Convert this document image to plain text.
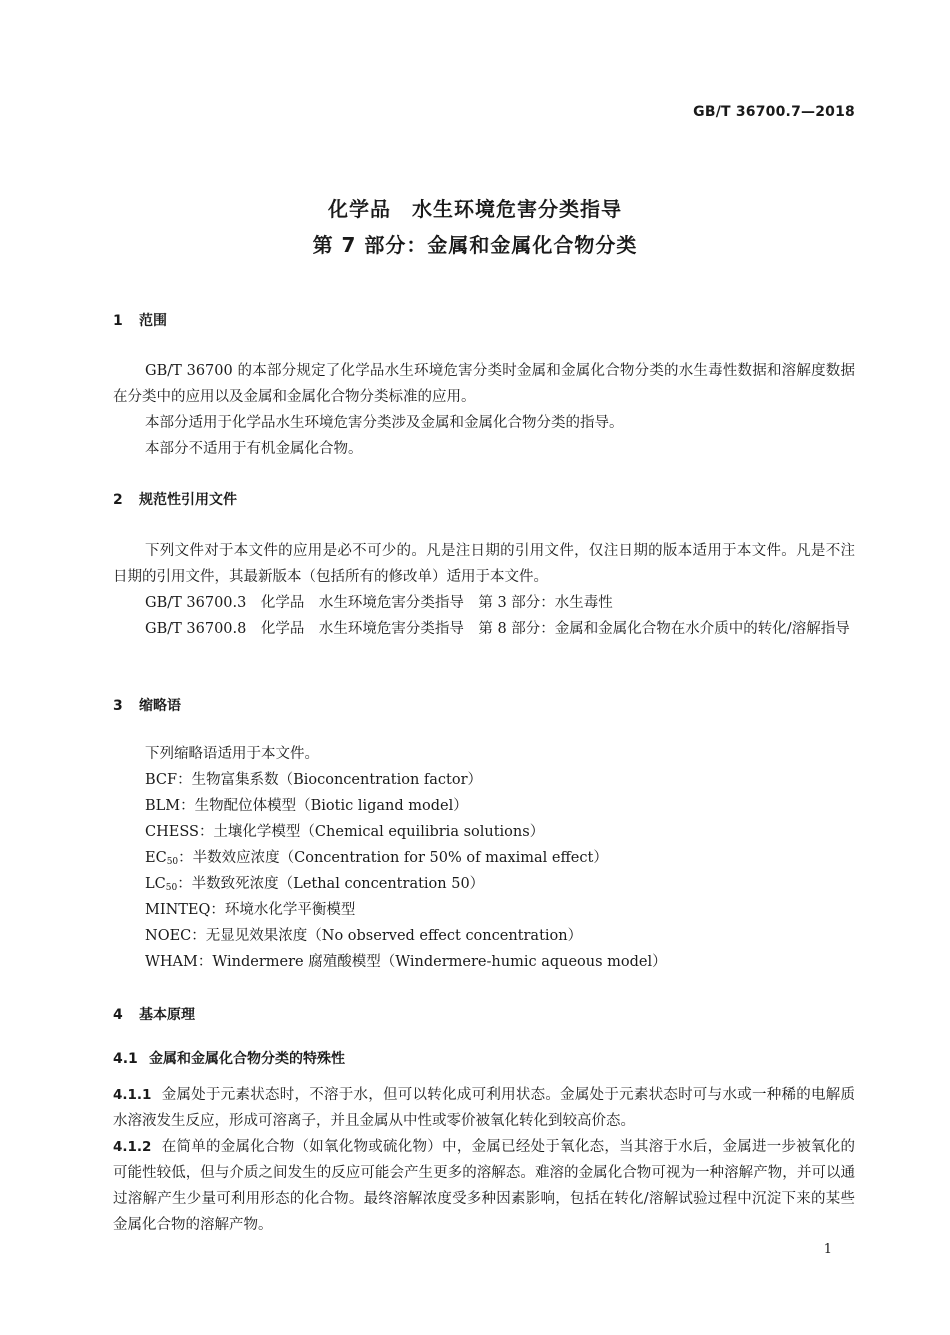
GB/T 36700.7—2018
化学品　水生环境危害分类指导
第 7 部分：金属和金属化合物分类
1 范围
GB/T 36700 的本部分规定了化学品水生环境危害分类时金属和金属化合物分类的水生毒性数据和溶解度数据在分类中的应用以及金属和金属化合物分类标准的应用。
本部分适用于化学品水生环境危害分类涉及金属和金属化合物分类的指导。
本部分不适用于有机金属化合物。
2 规范性引用文件
下列文件对于本文件的应用是必不可少的。凡是注日期的引用文件，仅注日期的版本适用于本文件。凡是不注日期的引用文件，其最新版本（包括所有的修改单）适用于本文件。
GB/T 36700.3　化学品　水生环境危害分类指导　第 3 部分：水生毒性
GB/T 36700.8　化学品　水生环境危害分类指导　第 8 部分：金属和金属化合物在水介质中的转化/溶解指导
3 缩略语
下列缩略语适用于本文件。
BCF：生物富集系数（Bioconcentration factor）
BLM：生物配位体模型（Biotic ligand model）
CHESS：土壤化学模型（Chemical equilibria solutions）
$EC_{50}$：半数效应浓度（Concentration for 50% of maximal effect）
$LC_{50}$：半数致死浓度（Lethal concentration 50）
MINTEQ：环境水化学平衡模型
NOEC：无显见效果浓度（No observed effect concentration）
WHAM：Windermere 腐殖酸模型（Windermere-humic aqueous model）
4 基本原理
4.1 金属和金属化合物分类的特殊性
4.1.1 金属处于元素状态时，不溶于水，但可以转化成可利用状态。金属处于元素状态时可与水或一种稀的电解质水溶液发生反应，形成可溶离子，并且金属从中性或零价被氧化转化到较高价态。
4.1.2 在简单的金属化合物（如氧化物或硫化物）中，金属已经处于氧化态，当其溶于水后，金属进一步被氧化的可能性较低，但与介质之间发生的反应可能会产生更多的溶解态。难溶的金属化合物可视为一种溶解产物，并可以通过溶解产生少量可利用形态的化合物。最终溶解浓度受多种因素影响，包括在转化/溶解试验过程中沉淀下来的某些金属化合物的溶解产物。
1
